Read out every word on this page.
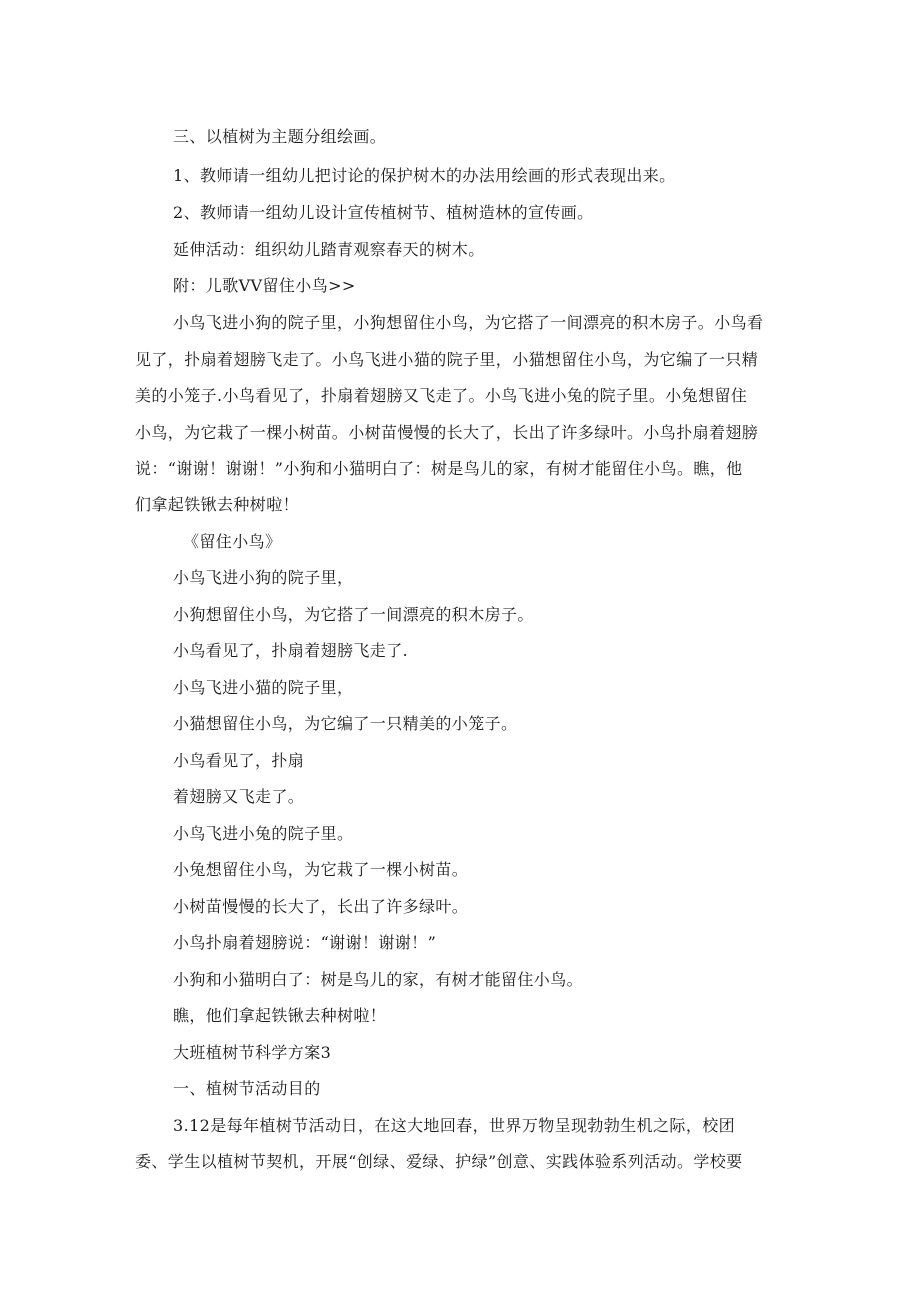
三、以植树为主题分组绘画。
1、教师请一组幼儿把讨论的保护树木的办法用绘画的形式表现出来。
2、教师请一组幼儿设计宣传植树节、植树造林的宣传画。
延伸活动：组织幼儿踏青观察春天的树木。
附：儿歌VV留住小鸟>>
小鸟飞进小狗的院子里，小狗想留住小鸟，为它搭了一间漂亮的积木房子。小鸟看
见了，扑扇着翅膀飞走了。小鸟飞进小猫的院子里，小猫想留住小鸟，为它编了一只精
美的小笼子.小鸟看见了，扑扇着翅膀又飞走了。小鸟飞进小兔的院子里。小兔想留住
小鸟，为它栽了一棵小树苗。小树苗慢慢的长大了，长出了许多绿叶。小鸟扑扇着翅膀
说：“谢谢！谢谢！”小狗和小猫明白了：树是鸟儿的家，有树才能留住小鸟。瞧，他
们拿起铁锹去种树啦！
《留住小鸟》
小鸟飞进小狗的院子里，
小狗想留住小鸟，为它搭了一间漂亮的积木房子。
小鸟看见了，扑扇着翅膀飞走了.
小鸟飞进小猫的院子里，
小猫想留住小鸟，为它编了一只精美的小笼子。
小鸟看见了，扑扇
着翅膀又飞走了。
小鸟飞进小兔的院子里。
小兔想留住小鸟，为它栽了一棵小树苗。
小树苗慢慢的长大了，长出了许多绿叶。
小鸟扑扇着翅膀说：“谢谢！谢谢！”
小狗和小猫明白了：树是鸟儿的家，有树才能留住小鸟。
瞧，他们拿起铁锹去种树啦！
大班植树节科学方案3
一、植树节活动目的
3.12是每年植树节活动日，在这大地回春，世界万物呈现勃勃生机之际，校团
委、学生以植树节契机，开展“创绿、爱绿、护绿”创意、实践体验系列活动。学校要
